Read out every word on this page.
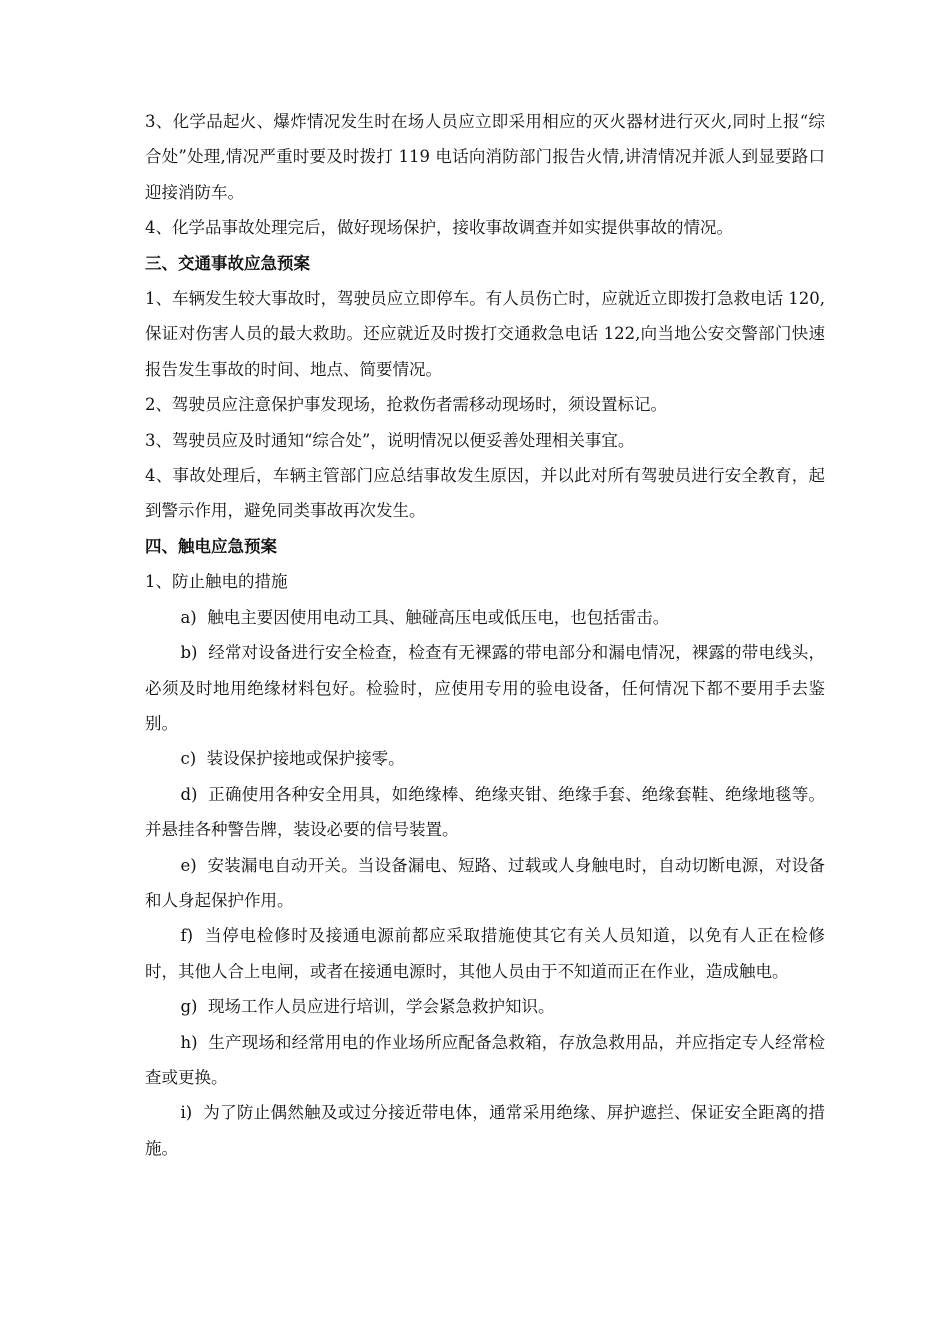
3、化学品起火、爆炸情况发生时在场人员应立即采用相应的灭火器材进行灭火,同时上报“综合处”处理,情况严重时要及时拨打 119 电话向消防部门报告火情,讲清情况并派人到显要路口迎接消防车。

4、化学品事故处理完后，做好现场保护，接收事故调查并如实提供事故的情况。

三、交通事故应急预案

1、车辆发生较大事故时，驾驶员应立即停车。有人员伤亡时，应就近立即拨打急救电话 120,保证对伤害人员的最大救助。还应就近及时拨打交通救急电话 122,向当地公安交警部门快速报告发生事故的时间、地点、简要情况。

2、驾驶员应注意保护事发现场，抢救伤者需移动现场时，须设置标记。

3、驾驶员应及时通知“综合处”，说明情况以便妥善处理相关事宜。

4、事故处理后，车辆主管部门应总结事故发生原因，并以此对所有驾驶员进行安全教育，起到警示作用，避免同类事故再次发生。

四、触电应急预案

1、防止触电的措施

a)  触电主要因使用电动工具、触碰高压电或低压电，也包括雷击。

b)  经常对设备进行安全检查，检查有无裸露的带电部分和漏电情况，裸露的带电线头，必须及时地用绝缘材料包好。检验时，应使用专用的验电设备，任何情况下都不要用手去鉴别。

c)  装设保护接地或保护接零。

d)  正确使用各种安全用具，如绝缘棒、绝缘夹钳、绝缘手套、绝缘套鞋、绝缘地毯等。并悬挂各种警告牌，装设必要的信号装置。

e)  安装漏电自动开关。当设备漏电、短路、过载或人身触电时，自动切断电源，对设备和人身起保护作用。

f)  当停电检修时及接通电源前都应采取措施使其它有关人员知道，以免有人正在检修时，其他人合上电闸，或者在接通电源时，其他人员由于不知道而正在作业，造成触电。

g)  现场工作人员应进行培训，学会紧急救护知识。

h)  生产现场和经常用电的作业场所应配备急救箱，存放急救用品，并应指定专人经常检查或更换。

i)  为了防止偶然触及或过分接近带电体，通常采用绝缘、屏护遮拦、保证安全距离的措施。
